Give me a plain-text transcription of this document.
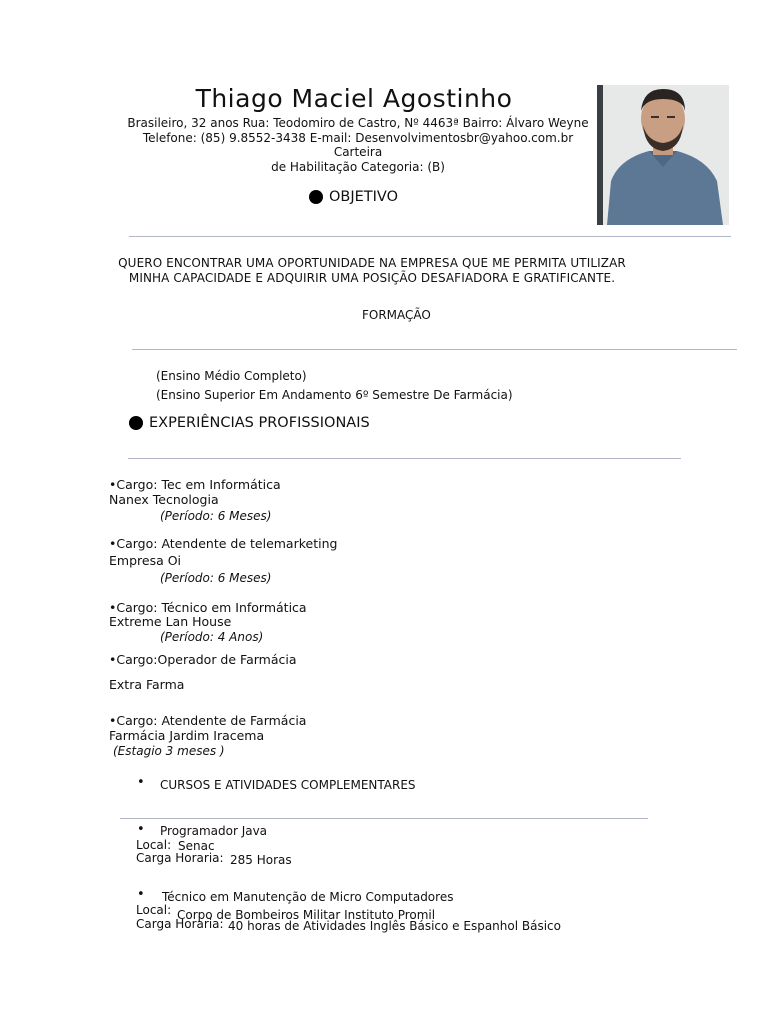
Thiago Maciel Agostinho
Brasileiro, 32 anos Rua: Teodomiro de Castro, Nº 4463ª Bairro: Álvaro Weyne
Telefone: (85) 9.8552-3438 E-mail: Desenvolvimentosbr@yahoo.com.br Carteira
de Habilitação Categoria: (B)
OBJETIVO
QUERO ENCONTRAR UMA OPORTUNIDADE NA EMPRESA QUE ME PERMITA UTILIZAR
MINHA CAPACIDADE E ADQUIRIR UMA POSIÇÃO DESAFIADORA E GRATIFICANTE.
FORMAÇÃO
(Ensino Médio Completo)
(Ensino Superior Em Andamento 6º Semestre De Farmácia)
EXPERIÊNCIAS PROFISSIONAIS
•Cargo: Tec em Informática
Nanex Tecnologia
(Período: 6 Meses)
•Cargo: Atendente de telemarketing
Empresa Oi
(Período: 6 Meses)
•Cargo: Técnico em Informática
Extreme Lan House
(Período: 4 Anos)
•Cargo:Operador de Farmácia
Extra Farma
•Cargo: Atendente de Farmácia
Farmácia Jardim Iracema
(Estagio 3 meses )
• CURSOS E ATIVIDADES COMPLEMENTARES
• Programador Java
Local: Senac
Carga Horaria: 285 Horas
• Técnico em Manutenção de Micro Computadores
Local: Corpo de Bombeiros Militar Instituto Promil
Carga Horaria: 40 horas de Atividades Inglês Básico e Espanhol Básico
